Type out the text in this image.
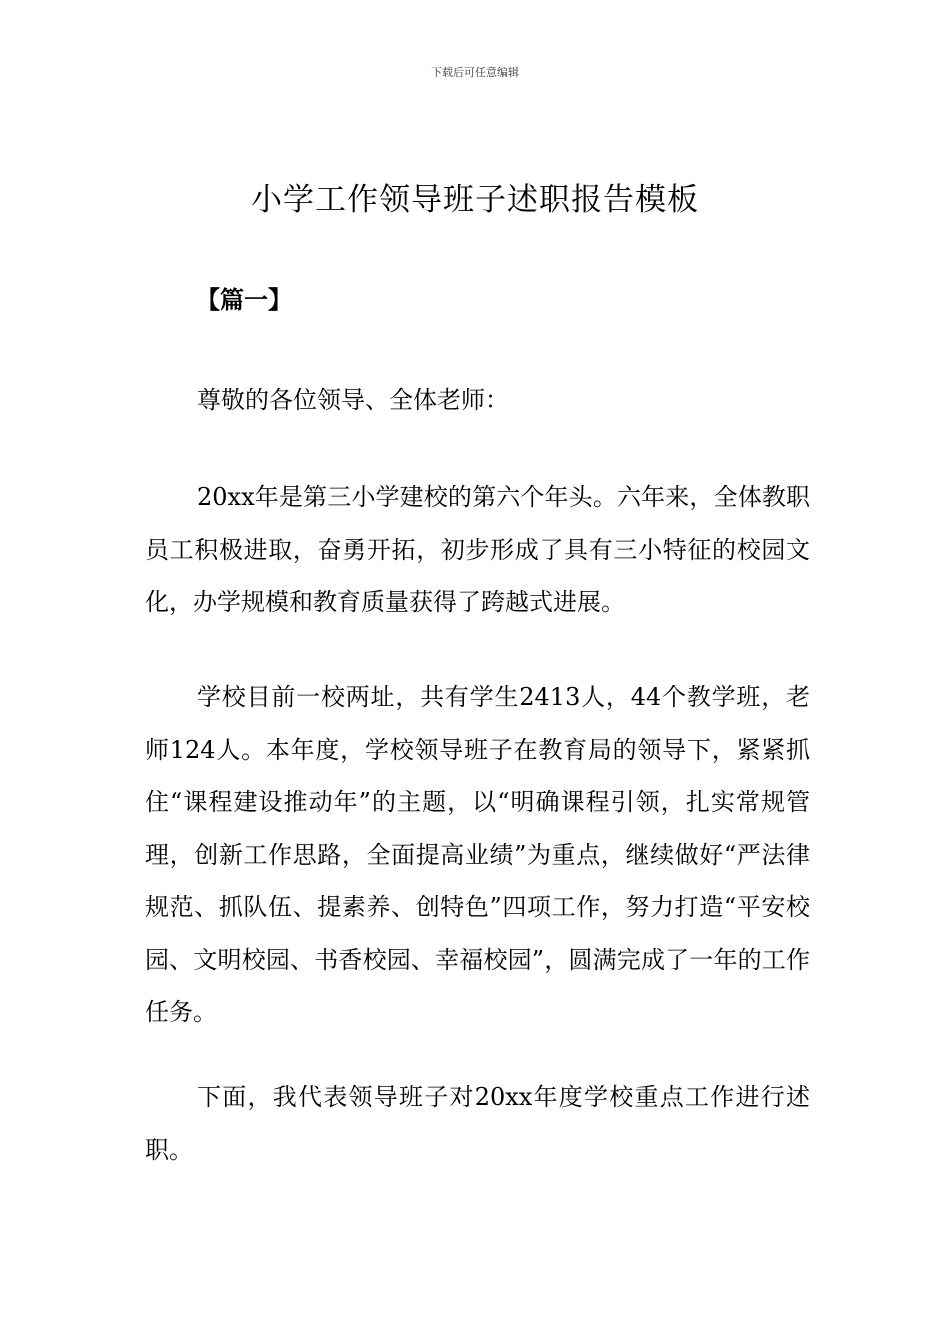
下载后可任意编辑
小学工作领导班子述职报告模板
【篇一】

尊敬的各位领导、全体老师：

20xx年是第三小学建校的第六个年头。六年来，全体教职员工积极进取，奋勇开拓，初步形成了具有三小特征的校园文化，办学规模和教育质量获得了跨越式进展。

学校目前一校两址，共有学生2413人，44个教学班，老师124人。本年度，学校领导班子在教育局的领导下，紧紧抓住“课程建设推动年”的主题，以“明确课程引领，扎实常规管理，创新工作思路，全面提高业绩”为重点，继续做好“严法律规范、抓队伍、提素养、创特色”四项工作，努力打造“平安校园、文明校园、书香校园、幸福校园”，圆满完成了一年的工作任务。

下面，我代表领导班子对20xx年度学校重点工作进行述职。
